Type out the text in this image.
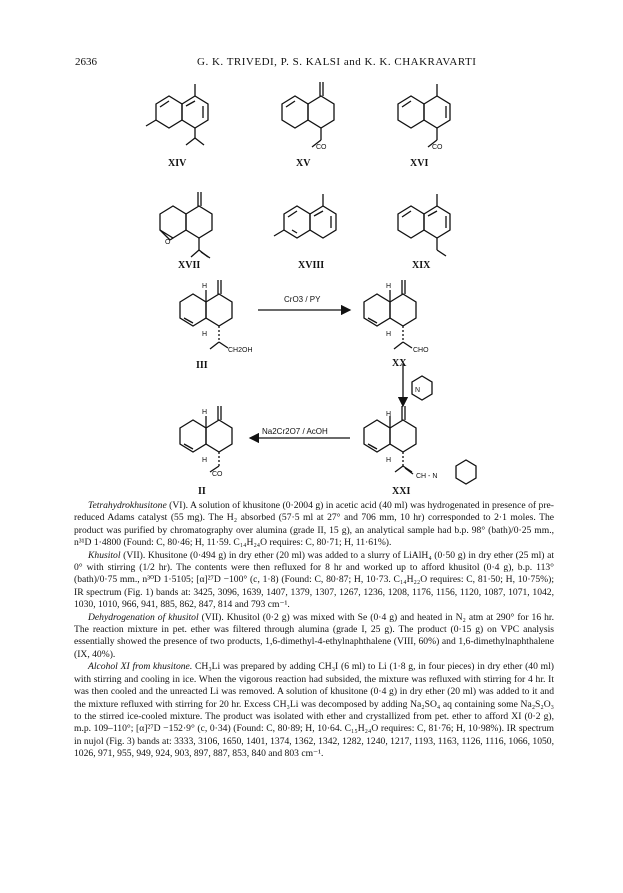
2636	G. K. TRIVEDI, P. S. KALSI and K. K. CHAKRAVARTI
CO	CO
XIV	XV	XVI
O
XVII	XVIII	XIX
H
H
CH2OH
III
CrO3 / PY
H
H
CHO
XX
N
H
H
CH - N
XXI
Na2Cr2O7 / AcOH
H
H
CO
II

Tetrahydrokhusitone (VI). A solution of khusitone (0·2004 g) in acetic acid (40 ml) was hydrogenated in presence of pre-reduced Adams catalyst (55 mg). The H₂ absorbed (57·5 ml at 27° and 706 mm, 10 hr) corresponded to 2·1 moles. The product was purified by chromatography over alumina (grade II, 15 g), an analytical sample had b.p. 98° (bath)/0·25 mm., n³¹D 1·4800 (Found: C, 80·46; H, 11·59. C₁₄H₂₄O requires: C, 80·71; H, 11·61%).

Khusitol (VII). Khusitone (0·494 g) in dry ether (20 ml) was added to a slurry of LiAlH₄ (0·50 g) in dry ether (25 ml) at 0° with stirring (1/2 hr). The contents were then refluxed for 8 hr and worked up to afford khusitol (0·4 g), b.p. 113° (bath)/0·75 mm., n³⁰D 1·5105; [α]²⁷D −100° (c, 1·8) (Found: C, 80·87; H, 10·73. C₁₄H₂₂O requires: C, 81·50; H, 10·75%); IR spectrum (Fig. 1) bands at: 3425, 3096, 1639, 1407, 1379, 1307, 1267, 1236, 1208, 1176, 1156, 1120, 1087, 1071, 1042, 1030, 1010, 966, 941, 885, 862, 847, 814 and 793 cm⁻¹.

Dehydrogenation of khusitol (VII). Khusitol (0·2 g) was mixed with Se (0·4 g) and heated in N₂ atm at 290° for 16 hr. The reaction mixture in pet. ether was filtered through alumina (grade I, 25 g). The product (0·15 g) on VPC analysis essentially showed the presence of two products, 1,6-dimethyl-4-ethylnaphthalene (VIII, 60%) and 1,6-dimethylnaphthalene (IX, 40%).

Alcohol XI from khusitone. CH₃Li was prepared by adding CH₃I (6 ml) to Li (1·8 g, in four pieces) in dry ether (40 ml) with stirring and cooling in ice. When the vigorous reaction had subsided, the mixture was refluxed with stirring for 4 hr. It was then cooled and the unreacted Li was removed. A solution of khusitone (0·4 g) in dry ether (20 ml) was added to it and the mixture refluxed with stirring for 20 hr. Excess CH₃Li was decomposed by adding Na₂SO₄ aq containing some Na₂S₂O₃ to the stirred ice-cooled mixture. The product was isolated with ether and crystallized from pet. ether to afford XI (0·2 g), m.p. 109–110°; [α]²⁷D −152·9° (c, 0·34) (Found: C, 80·89; H, 10·64. C₁₅H₂₄O requires: C, 81·76; H, 10·98%). IR spectrum in nujol (Fig. 3) bands at: 3333, 3106, 1650, 1401, 1374, 1362, 1342, 1282, 1240, 1217, 1193, 1163, 1126, 1116, 1066, 1050, 1026, 971, 955, 949, 924, 903, 897, 887, 853, 840 and 803 cm⁻¹.
